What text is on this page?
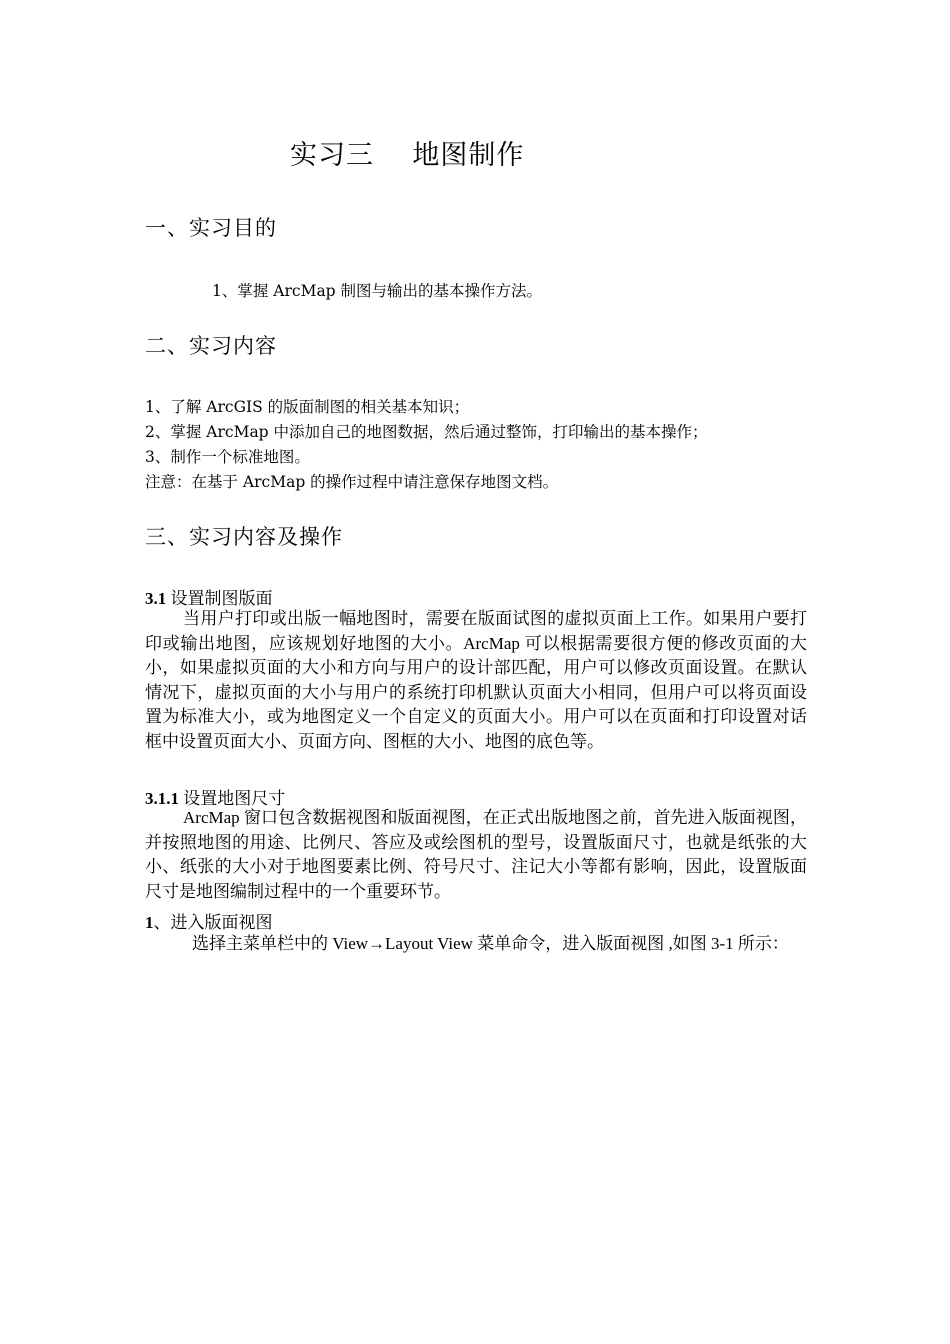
实习三    地图制作
一、实习目的
1、掌握 ArcMap 制图与输出的基本操作方法。
二、实习内容
1、了解 ArcGIS 的版面制图的相关基本知识；
2、掌握 ArcMap 中添加自己的地图数据，然后通过整饰，打印输出的基本操作；
3、制作一个标准地图。
注意：在基于 ArcMap 的操作过程中请注意保存地图文档。
三、实习内容及操作
3.1 设置制图版面
当用户打印或出版一幅地图时，需要在版面试图的虚拟页面上工作。如果用户要打印或输出地图，应该规划好地图的大小。ArcMap 可以根据需要很方便的修改页面的大小，如果虚拟页面的大小和方向与用户的设计部匹配，用户可以修改页面设置。在默认情况下，虚拟页面的大小与用户的系统打印机默认页面大小相同，但用户可以将页面设置为标准大小，或为地图定义一个自定义的页面大小。用户可以在页面和打印设置对话框中设置页面大小、页面方向、图框的大小、地图的底色等。
3.1.1 设置地图尺寸
ArcMap 窗口包含数据视图和版面视图，在正式出版地图之前，首先进入版面视图，并按照地图的用途、比例尺、答应及或绘图机的型号，设置版面尺寸，也就是纸张的大小、纸张的大小对于地图要素比例、符号尺寸、注记大小等都有影响，因此，设置版面尺寸是地图编制过程中的一个重要环节。
1、进入版面视图
选择主菜单栏中的 View→Layout View 菜单命令，进入版面视图 ,如图 3-1 所示：
